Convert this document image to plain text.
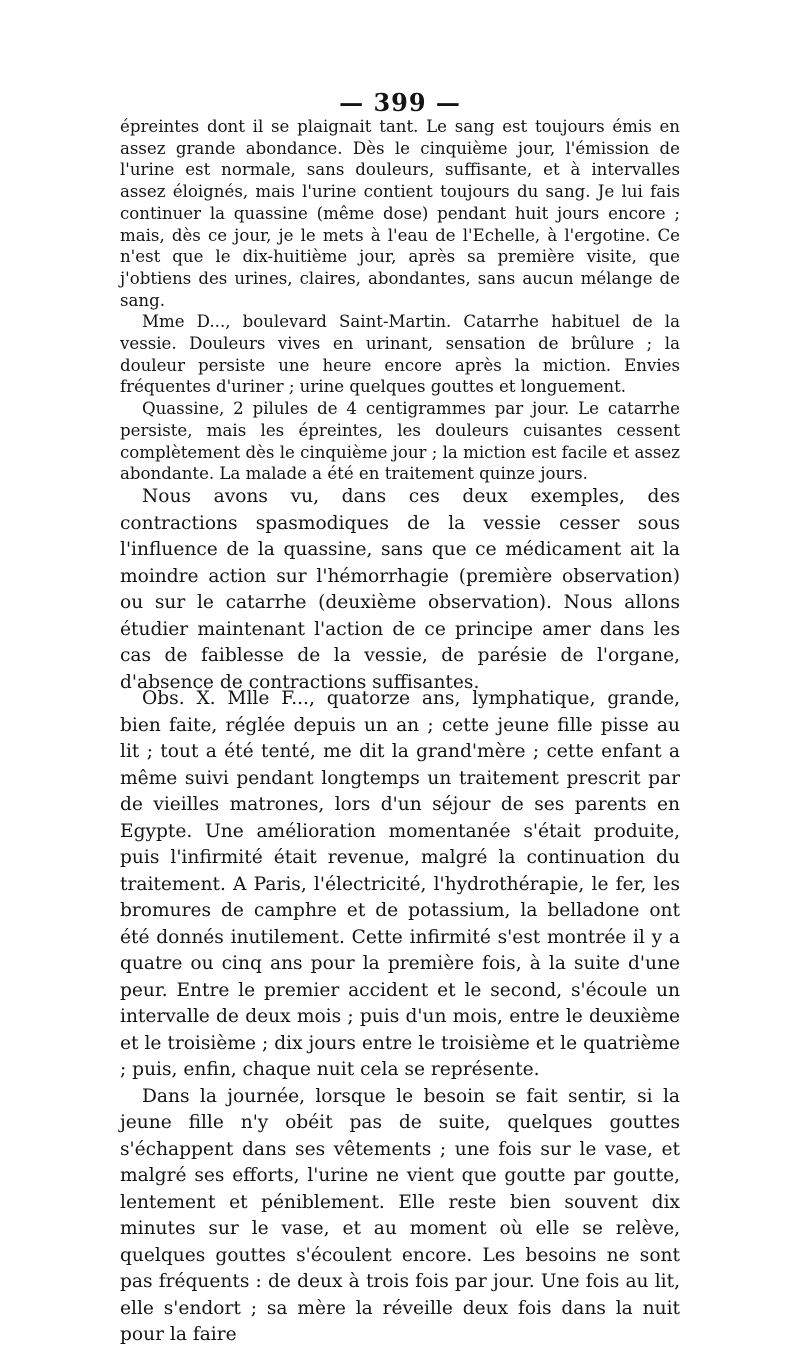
— 399 —

épreintes dont il se plaignait tant. Le sang est toujours émis en assez grande abondance. Dès le cinquième jour, l'émission de l'urine est normale, sans douleurs, suffisante, et à intervalles assez éloignés, mais l'urine contient toujours du sang. Je lui fais continuer la quassine (même dose) pendant huit jours encore ; mais, dès ce jour, je le mets à l'eau de l'Echelle, à l'ergotine. Ce n'est que le dix-huitième jour, après sa première visite, que j'obtiens des urines, claires, abondantes, sans aucun mélange de sang.

Mme D..., boulevard Saint-Martin. Catarrhe habituel de la vessie. Douleurs vives en urinant, sensation de brûlure ; la douleur persiste une heure encore après la miction. Envies fréquentes d'uriner ; urine quelques gouttes et longuement.

Quassine, 2 pilules de 4 centigrammes par jour. Le catarrhe persiste, mais les épreintes, les douleurs cuisantes cessent complètement dès le cinquième jour ; la miction est facile et assez abondante. La malade a été en traitement quinze jours.

Nous avons vu, dans ces deux exemples, des contractions spasmodiques de la vessie cesser sous l'influence de la quassine, sans que ce médicament ait la moindre action sur l'hémorrhagie (première observation) ou sur le catarrhe (deuxième observation). Nous allons étudier maintenant l'action de ce principe amer dans les cas de faiblesse de la vessie, de parésie de l'organe, d'absence de contractions suffisantes.

Obs. X. Mlle F..., quatorze ans, lymphatique, grande, bien faite, réglée depuis un an ; cette jeune fille pisse au lit ; tout a été tenté, me dit la grand'mère ; cette enfant a même suivi pendant longtemps un traitement prescrit par de vieilles matrones, lors d'un séjour de ses parents en Egypte. Une amélioration momentanée s'était produite, puis l'infirmité était revenue, malgré la continuation du traitement. A Paris, l'électricité, l'hydrothérapie, le fer, les bromures de camphre et de potassium, la belladone ont été donnés inutilement. Cette infirmité s'est montrée il y a quatre ou cinq ans pour la première fois, à la suite d'une peur. Entre le premier accident et le second, s'écoule un intervalle de deux mois ; puis d'un mois, entre le deuxième et le troisième ; dix jours entre le troisième et le quatrième ; puis, enfin, chaque nuit cela se représente.

Dans la journée, lorsque le besoin se fait sentir, si la jeune fille n'y obéit pas de suite, quelques gouttes s'échappent dans ses vêtements ; une fois sur le vase, et malgré ses efforts, l'urine ne vient que goutte par goutte, lentement et péniblement. Elle reste bien souvent dix minutes sur le vase, et au moment où elle se relève, quelques gouttes s'écoulent encore. Les besoins ne sont pas fréquents : de deux à trois fois par jour. Une fois au lit, elle s'endort ; sa mère la réveille deux fois dans la nuit pour la faire
